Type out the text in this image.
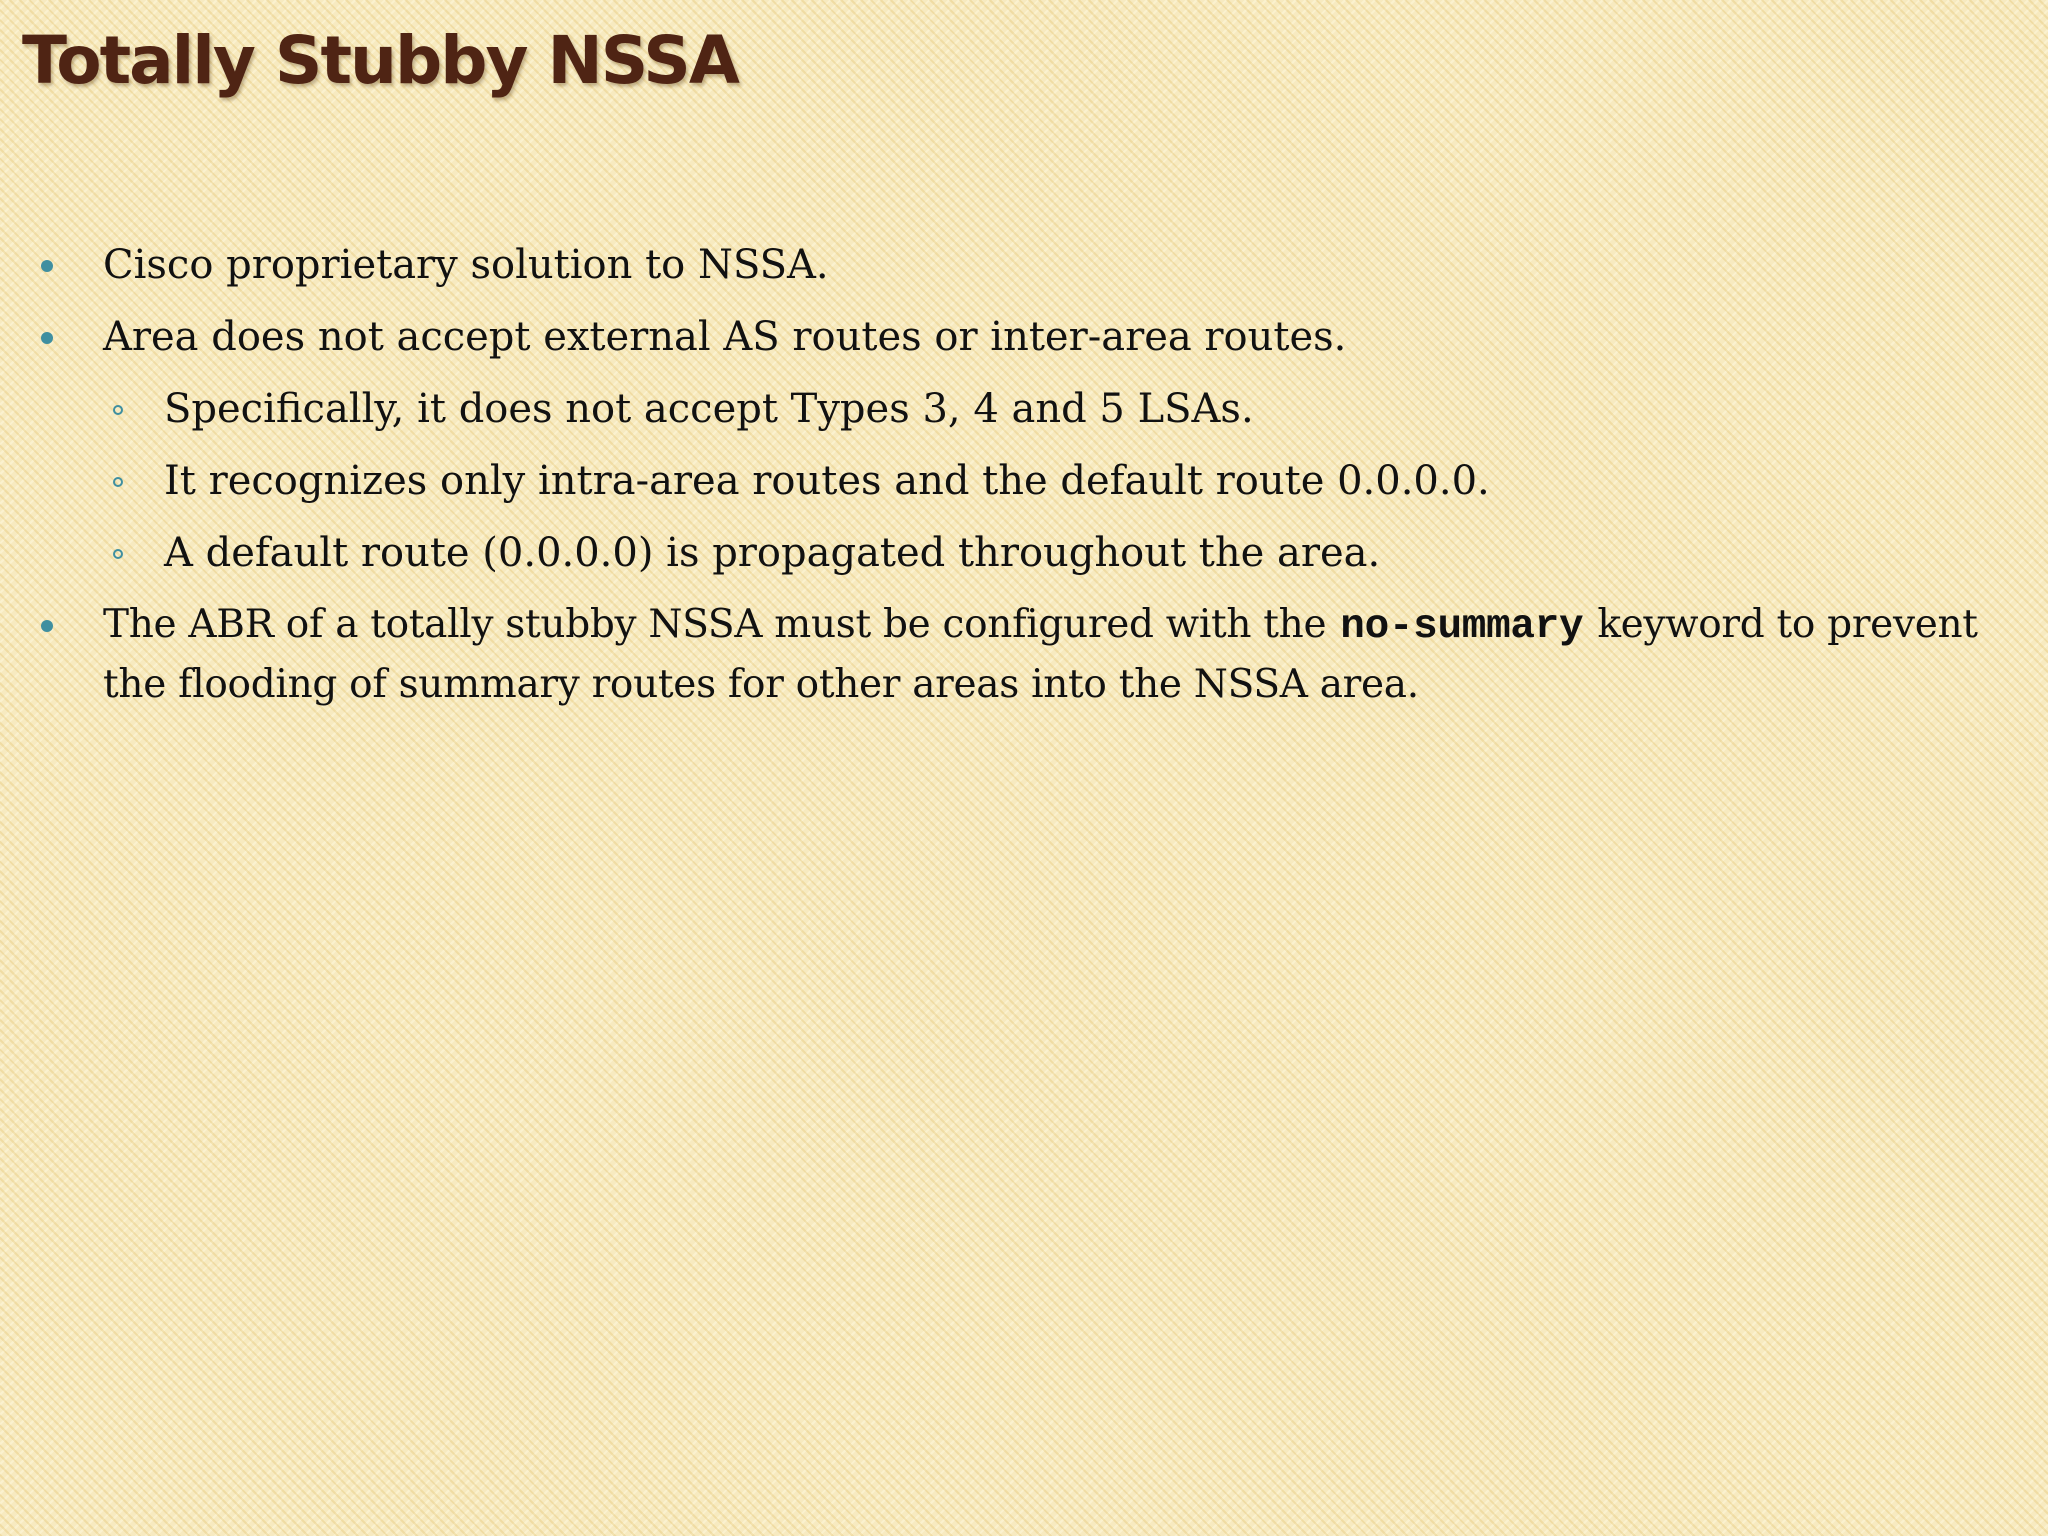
Totally Stubby NSSA
Cisco proprietary solution to NSSA.
Area does not accept external AS routes or inter-area routes.
Specifically, it does not accept Types 3, 4 and 5 LSAs.
It recognizes only intra-area routes and the default route 0.0.0.0.
A default route (0.0.0.0) is propagated throughout the area.
The ABR of a totally stubby NSSA must be configured with the no-summary keyword to prevent the flooding of summary routes for other areas into the NSSA area.
